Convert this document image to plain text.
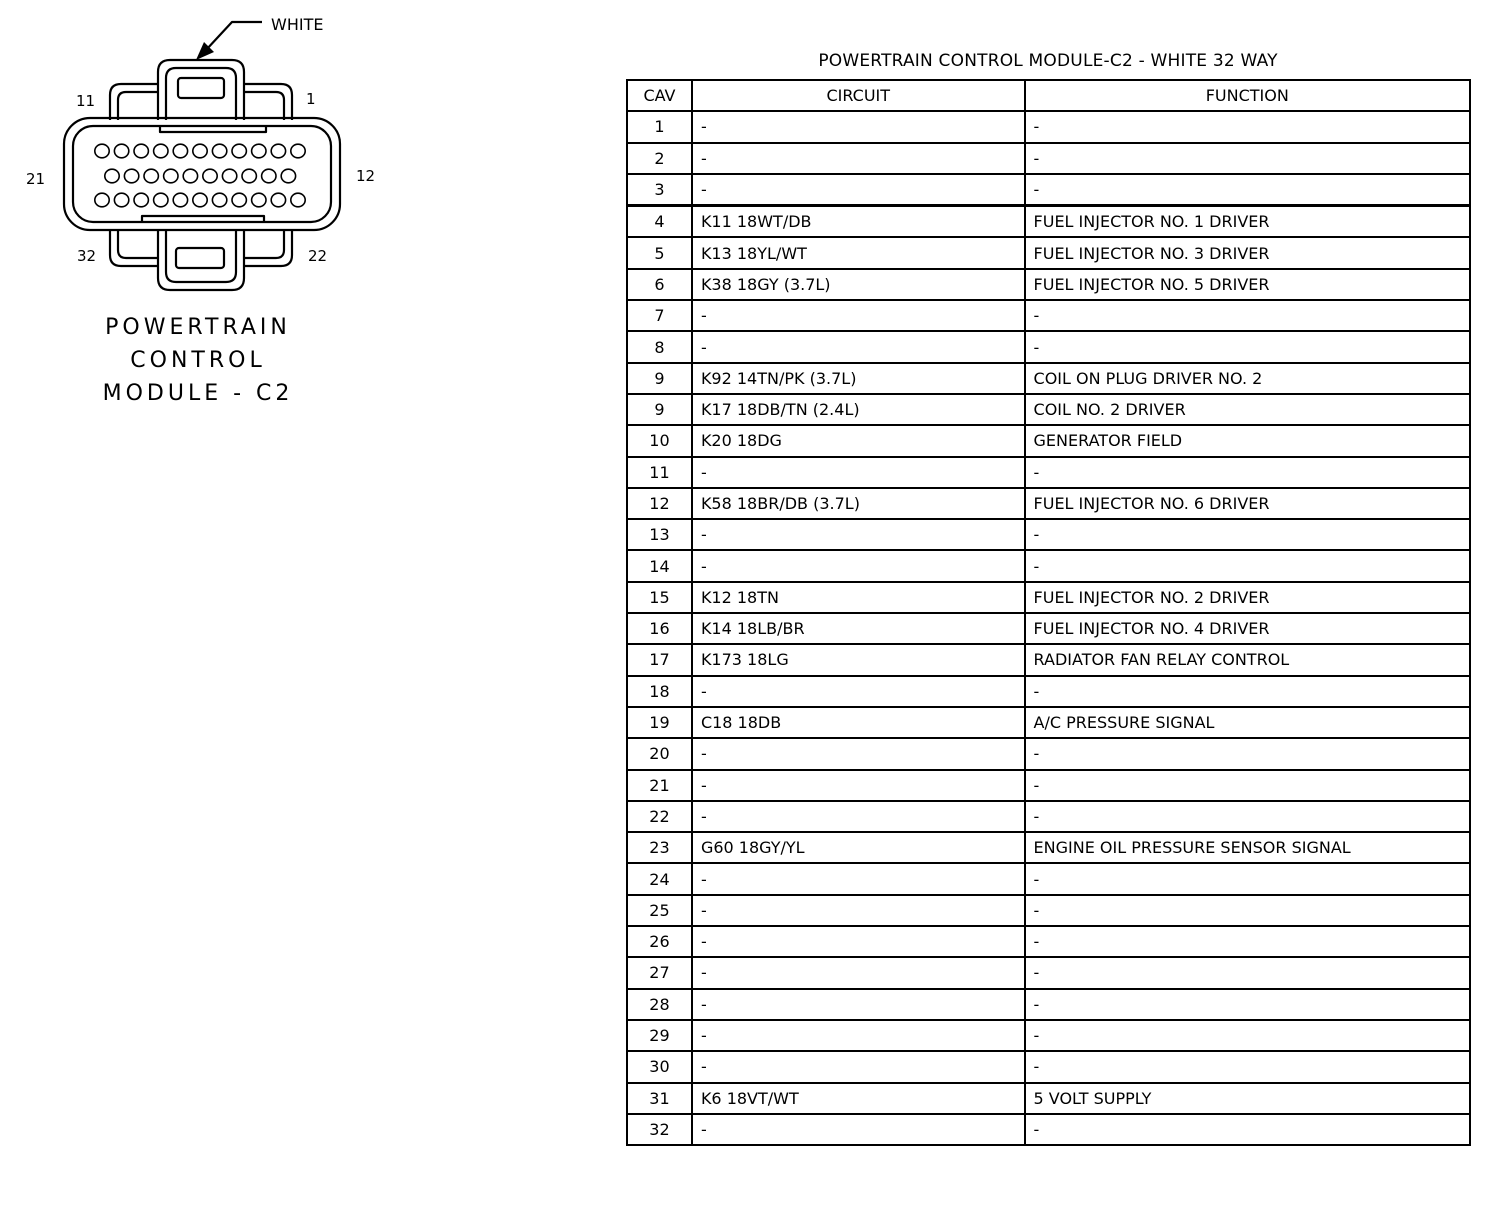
WHITE
11	1
21	12
32	22
POWERTRAIN
CONTROL
MODULE - C2
POWERTRAIN CONTROL MODULE-C2 - WHITE 32 WAY
CAV	CIRCUIT	FUNCTION
1	-	-
2	-	-
3	-	-
4	K11 18WT/DB	FUEL INJECTOR NO. 1 DRIVER
5	K13 18YL/WT	FUEL INJECTOR NO. 3 DRIVER
6	K38 18GY (3.7L)	FUEL INJECTOR NO. 5 DRIVER
7	-	-
8	-	-
9	K92 14TN/PK (3.7L)	COIL ON PLUG DRIVER NO. 2
9	K17 18DB/TN (2.4L)	COIL NO. 2 DRIVER
10	K20 18DG	GENERATOR FIELD
11	-	-
12	K58 18BR/DB (3.7L)	FUEL INJECTOR NO. 6 DRIVER
13	-	-
14	-	-
15	K12 18TN	FUEL INJECTOR NO. 2 DRIVER
16	K14 18LB/BR	FUEL INJECTOR NO. 4 DRIVER
17	K173 18LG	RADIATOR FAN RELAY CONTROL
18	-	-
19	C18 18DB	A/C PRESSURE SIGNAL
20	-	-
21	-	-
22	-	-
23	G60 18GY/YL	ENGINE OIL PRESSURE SENSOR SIGNAL
24	-	-
25	-	-
26	-	-
27	-	-
28	-	-
29	-	-
30	-	-
31	K6 18VT/WT	5 VOLT SUPPLY
32	-	-
